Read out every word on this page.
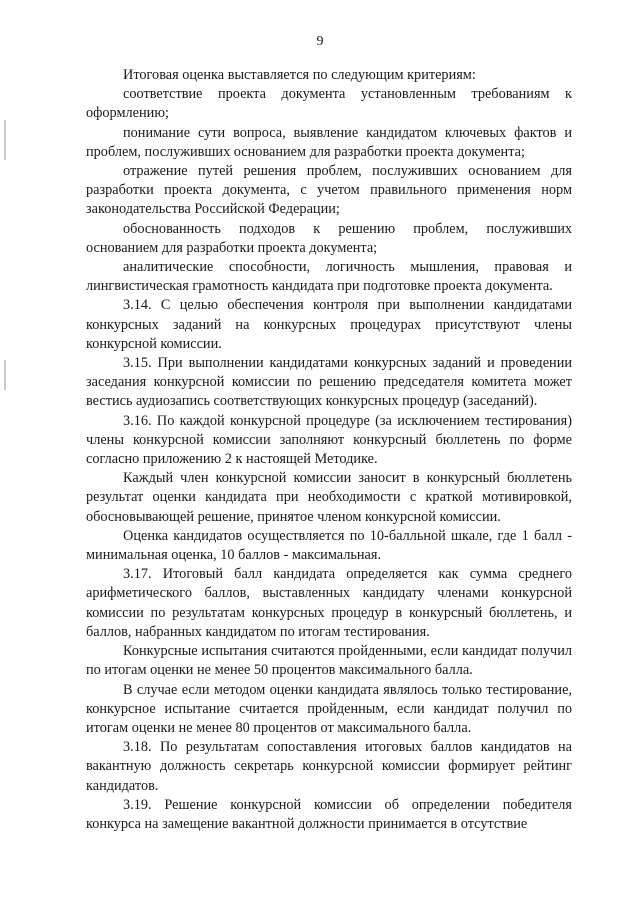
9

Итоговая оценка выставляется по следующим критериям:

соответствие проекта документа установленным требованиям к оформлению;

понимание сути вопроса, выявление кандидатом ключевых фактов и проблем, послуживших основанием для разработки проекта документа;

отражение путей решения проблем, послуживших основанием для разработки проекта документа, с учетом правильного применения норм законодательства Российской Федерации;

обоснованность подходов к решению проблем, послуживших основанием для разработки проекта документа;

аналитические способности, логичность мышления, правовая и лингвистическая грамотность кандидата при подготовке проекта документа.

3.14. С целью обеспечения контроля при выполнении кандидатами конкурсных заданий на конкурсных процедурах присутствуют члены конкурсной комиссии.

3.15. При выполнении кандидатами конкурсных заданий и проведении заседания конкурсной комиссии по решению председателя комитета может вестись аудиозапись соответствующих конкурсных процедур (заседаний).

3.16. По каждой конкурсной процедуре (за исключением тестирования) члены конкурсной комиссии заполняют конкурсный бюллетень по форме согласно приложению 2 к настоящей Методике.

Каждый член конкурсной комиссии заносит в конкурсный бюллетень результат оценки кандидата при необходимости с краткой мотивировкой, обосновывающей решение, принятое членом конкурсной комиссии.

Оценка кандидатов осуществляется по 10-балльной шкале, где 1 балл - минимальная оценка, 10 баллов - максимальная.

3.17. Итоговый балл кандидата определяется как сумма среднего арифметического баллов, выставленных кандидату членами конкурсной комиссии по результатам конкурсных процедур в конкурсный бюллетень, и баллов, набранных кандидатом по итогам тестирования.

Конкурсные испытания считаются пройденными, если кандидат получил по итогам оценки не менее 50 процентов максимального балла.

В случае если методом оценки кандидата являлось только тестирование, конкурсное испытание считается пройденным, если кандидат получил по итогам оценки не менее 80 процентов от максимального балла.

3.18. По результатам сопоставления итоговых баллов кандидатов на вакантную должность секретарь конкурсной комиссии формирует рейтинг кандидатов.

3.19. Решение конкурсной комиссии об определении победителя конкурса на замещение вакантной должности принимается в отсутствие
